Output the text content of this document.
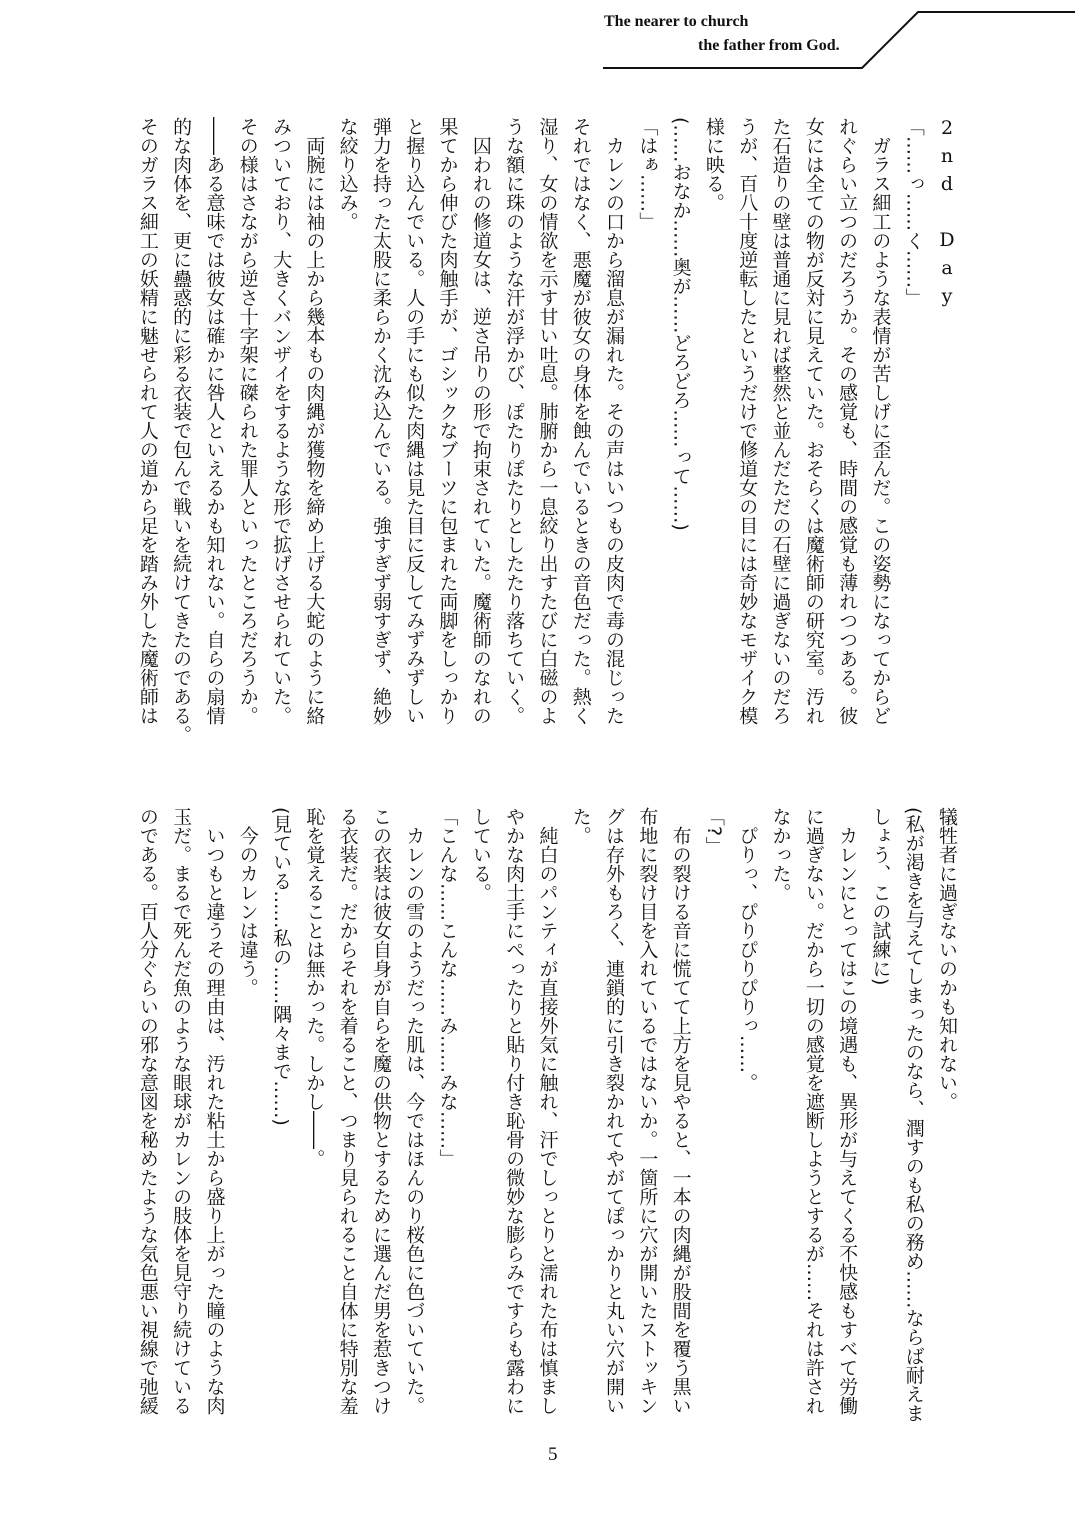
The nearer to church
the father from God.
2nd Day
「……っ……く……」
　ガラス細工のような表情が苦しげに歪んだ。この姿勢になってからど
れぐらい立つのだろうか。その感覚も、時間の感覚も薄れつつある。彼
女には全ての物が反対に見えていた。おそらくは魔術師の研究室。汚れ
た石造りの壁は普通に見れば整然と並んだただの石壁に過ぎないのだろ
うが、百八十度逆転したというだけで修道女の目には奇妙なモザイク模
様に映る。
(……おなか……奥が……どろどろ……って……)
「はぁ……」
　カレンの口から溜息が漏れた。その声はいつもの皮肉で毒の混じった
それではなく、悪魔が彼女の身体を蝕んでいるときの音色だった。熱く
湿り、女の情欲を示す甘い吐息。肺腑から一息絞り出すたびに白磁のよ
うな額に珠のような汗が浮かび、ぽたりぽたりとしたたり落ちていく。
　囚われの修道女は、逆さ吊りの形で拘束されていた。魔術師のなれの
果てから伸びた肉触手が、ゴシックなブーツに包まれた両脚をしっかり
と握り込んでいる。人の手にも似た肉縄は見た目に反してみずみずしい
弾力を持った太股に柔らかく沈み込んでいる。強すぎず弱すぎず、絶妙
な絞り込み。
　両腕には袖の上から幾本もの肉縄が獲物を締め上げる大蛇のように絡
みついており、大きくバンザイをするような形で拡げさせられていた。
その様はさながら逆さ十字架に磔られた罪人といったところだろうか。
――ある意味では彼女は確かに咎人といえるかも知れない。自らの扇情
的な肉体を、更に蠱惑的に彩る衣装で包んで戦いを続けてきたのである。
そのガラス細工の妖精に魅せられて人の道から足を踏み外した魔術師は
犠牲者に過ぎないのかも知れない。
(私が渇きを与えてしまったのなら、潤すのも私の務め……ならば耐えま
しょう、この試練に)
　カレンにとってはこの境遇も、異形が与えてくる不快感もすべて労働
に過ぎない。だから一切の感覚を遮断しようとするが……それは許され
なかった。
　ぴりっ、ぴりぴりぴりっ……。
「?」
　布の裂ける音に慌てて上方を見やると、一本の肉縄が股間を覆う黒い
布地に裂け目を入れているではないか。一箇所に穴が開いたストッキン
グは存外もろく、連鎖的に引き裂かれてやがてぽっかりと丸い穴が開い
た。
　純白のパンティが直接外気に触れ、汗でしっとりと濡れた布は慎まし
やかな肉土手にぺったりと貼り付き恥骨の微妙な膨らみですらも露わに
している。
「こんな……こんな……み……みな……」
　カレンの雪のようだった肌は、今ではほんのり桜色に色づいていた。
この衣装は彼女自身が自らを魔の供物とするために選んだ男を惹きつけ
る衣装だ。だからそれを着ること、つまり見られること自体に特別な羞
恥を覚えることは無かった。しかし――。
(見ている……私の……隅々まで……)
　今のカレンは違う。
　いつもと違うその理由は、汚れた粘土から盛り上がった瞳のような肉
玉だ。まるで死んだ魚のような眼球がカレンの肢体を見守り続けている
のである。百人分ぐらいの邪な意図を秘めたような気色悪い視線で弛緩
5
